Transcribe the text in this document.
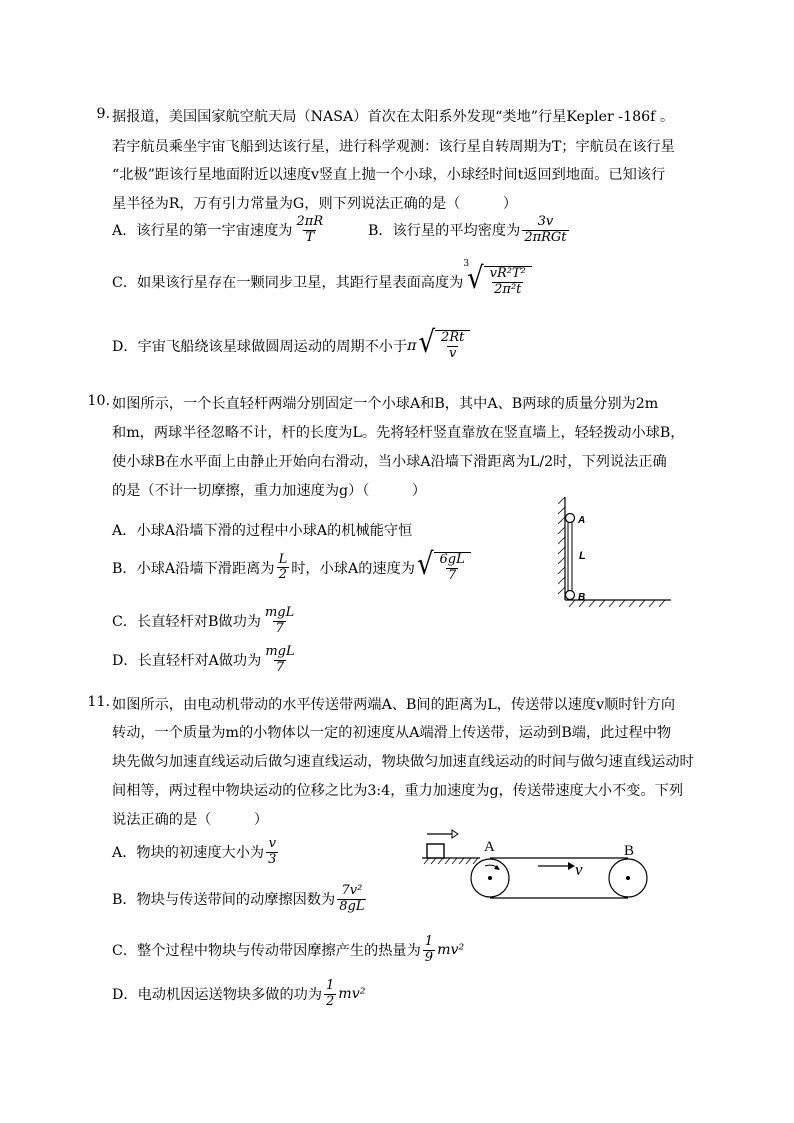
9. 据报道，美国国家航空航天局（NASA）首次在太阳系外发现“类地”行星Kepler -186f 。
若宇航员乘坐宇宙飞船到达该行星，进行科学观测：该行星自转周期为T；宇航员在该行星
“北极”距该行星地面附近以速度v竖直上抛一个小球，小球经时间t返回到地面。已知该行
星半径为R，万有引力常量为G，则下列说法正确的是（　　　）
A．该行星的第一宇宙速度为 $\frac{2\pi R}{T}$	B．该行星的平均密度为 $\frac{3v}{\text{2πRGt}}$
C．如果该行星存在一颗同步卫星，其距行星表面高度为
3
√ $\frac{\text{vR²T²}}{\text{2π²t}}$
D．宇宙飞船绕该星球做圆周运动的周期不小于 π √ $\frac{2Rt}{v}$
10. 如图所示，一个长直轻杆两端分别固定一个小球A和B，其中A、B两球的质量分别为2m
和m，两球半径忽略不计，杆的长度为L。先将轻杆竖直靠放在竖直墙上，轻轻拨动小球B，
使小球B在水平面上由静止开始向右滑动，当小球A沿墙下滑距离为L/2时，下列说法正确
的是（不计一切摩擦，重力加速度为g）（　　　）
A．小球A沿墙下滑的过程中小球A的机械能守恒
B．小球A沿墙下滑距离为 $\frac{L}{2}$ 时，小球A的速度为 √ $\frac{6gL}{7}$
C．长直轻杆对B做功为 $\frac{\text{mgL}}{7}$
D．长直轻杆对A做功为 $\frac{\text{mgL}}{7}$
A
B
L
11. 如图所示，由电动机带动的水平传送带两端A、B间的距离为L，传送带以速度v顺时针方向
转动，一个质量为m的小物体以一定的初速度从A端滑上传送带，运动到B端，此过程中物
块先做匀加速直线运动后做匀速直线运动，物块做匀加速直线运动的时间与做匀速直线运动时
间相等，两过程中物块运动的位移之比为3:4，重力加速度为g，传送带速度大小不变。下列
说法正确的是（　　　）
A．物块的初速度大小为 $\frac{v}{3}$
B．物块与传送带间的动摩擦因数为 $\frac{\text{7v²}}{8gL}$
C．整个过程中物块与传动带因摩擦产生的热量为 $\frac{1}{9} mv^2$
D．电动机因运送物块多做的功为 $\frac{1}{2} mv^2$
v
A	B
